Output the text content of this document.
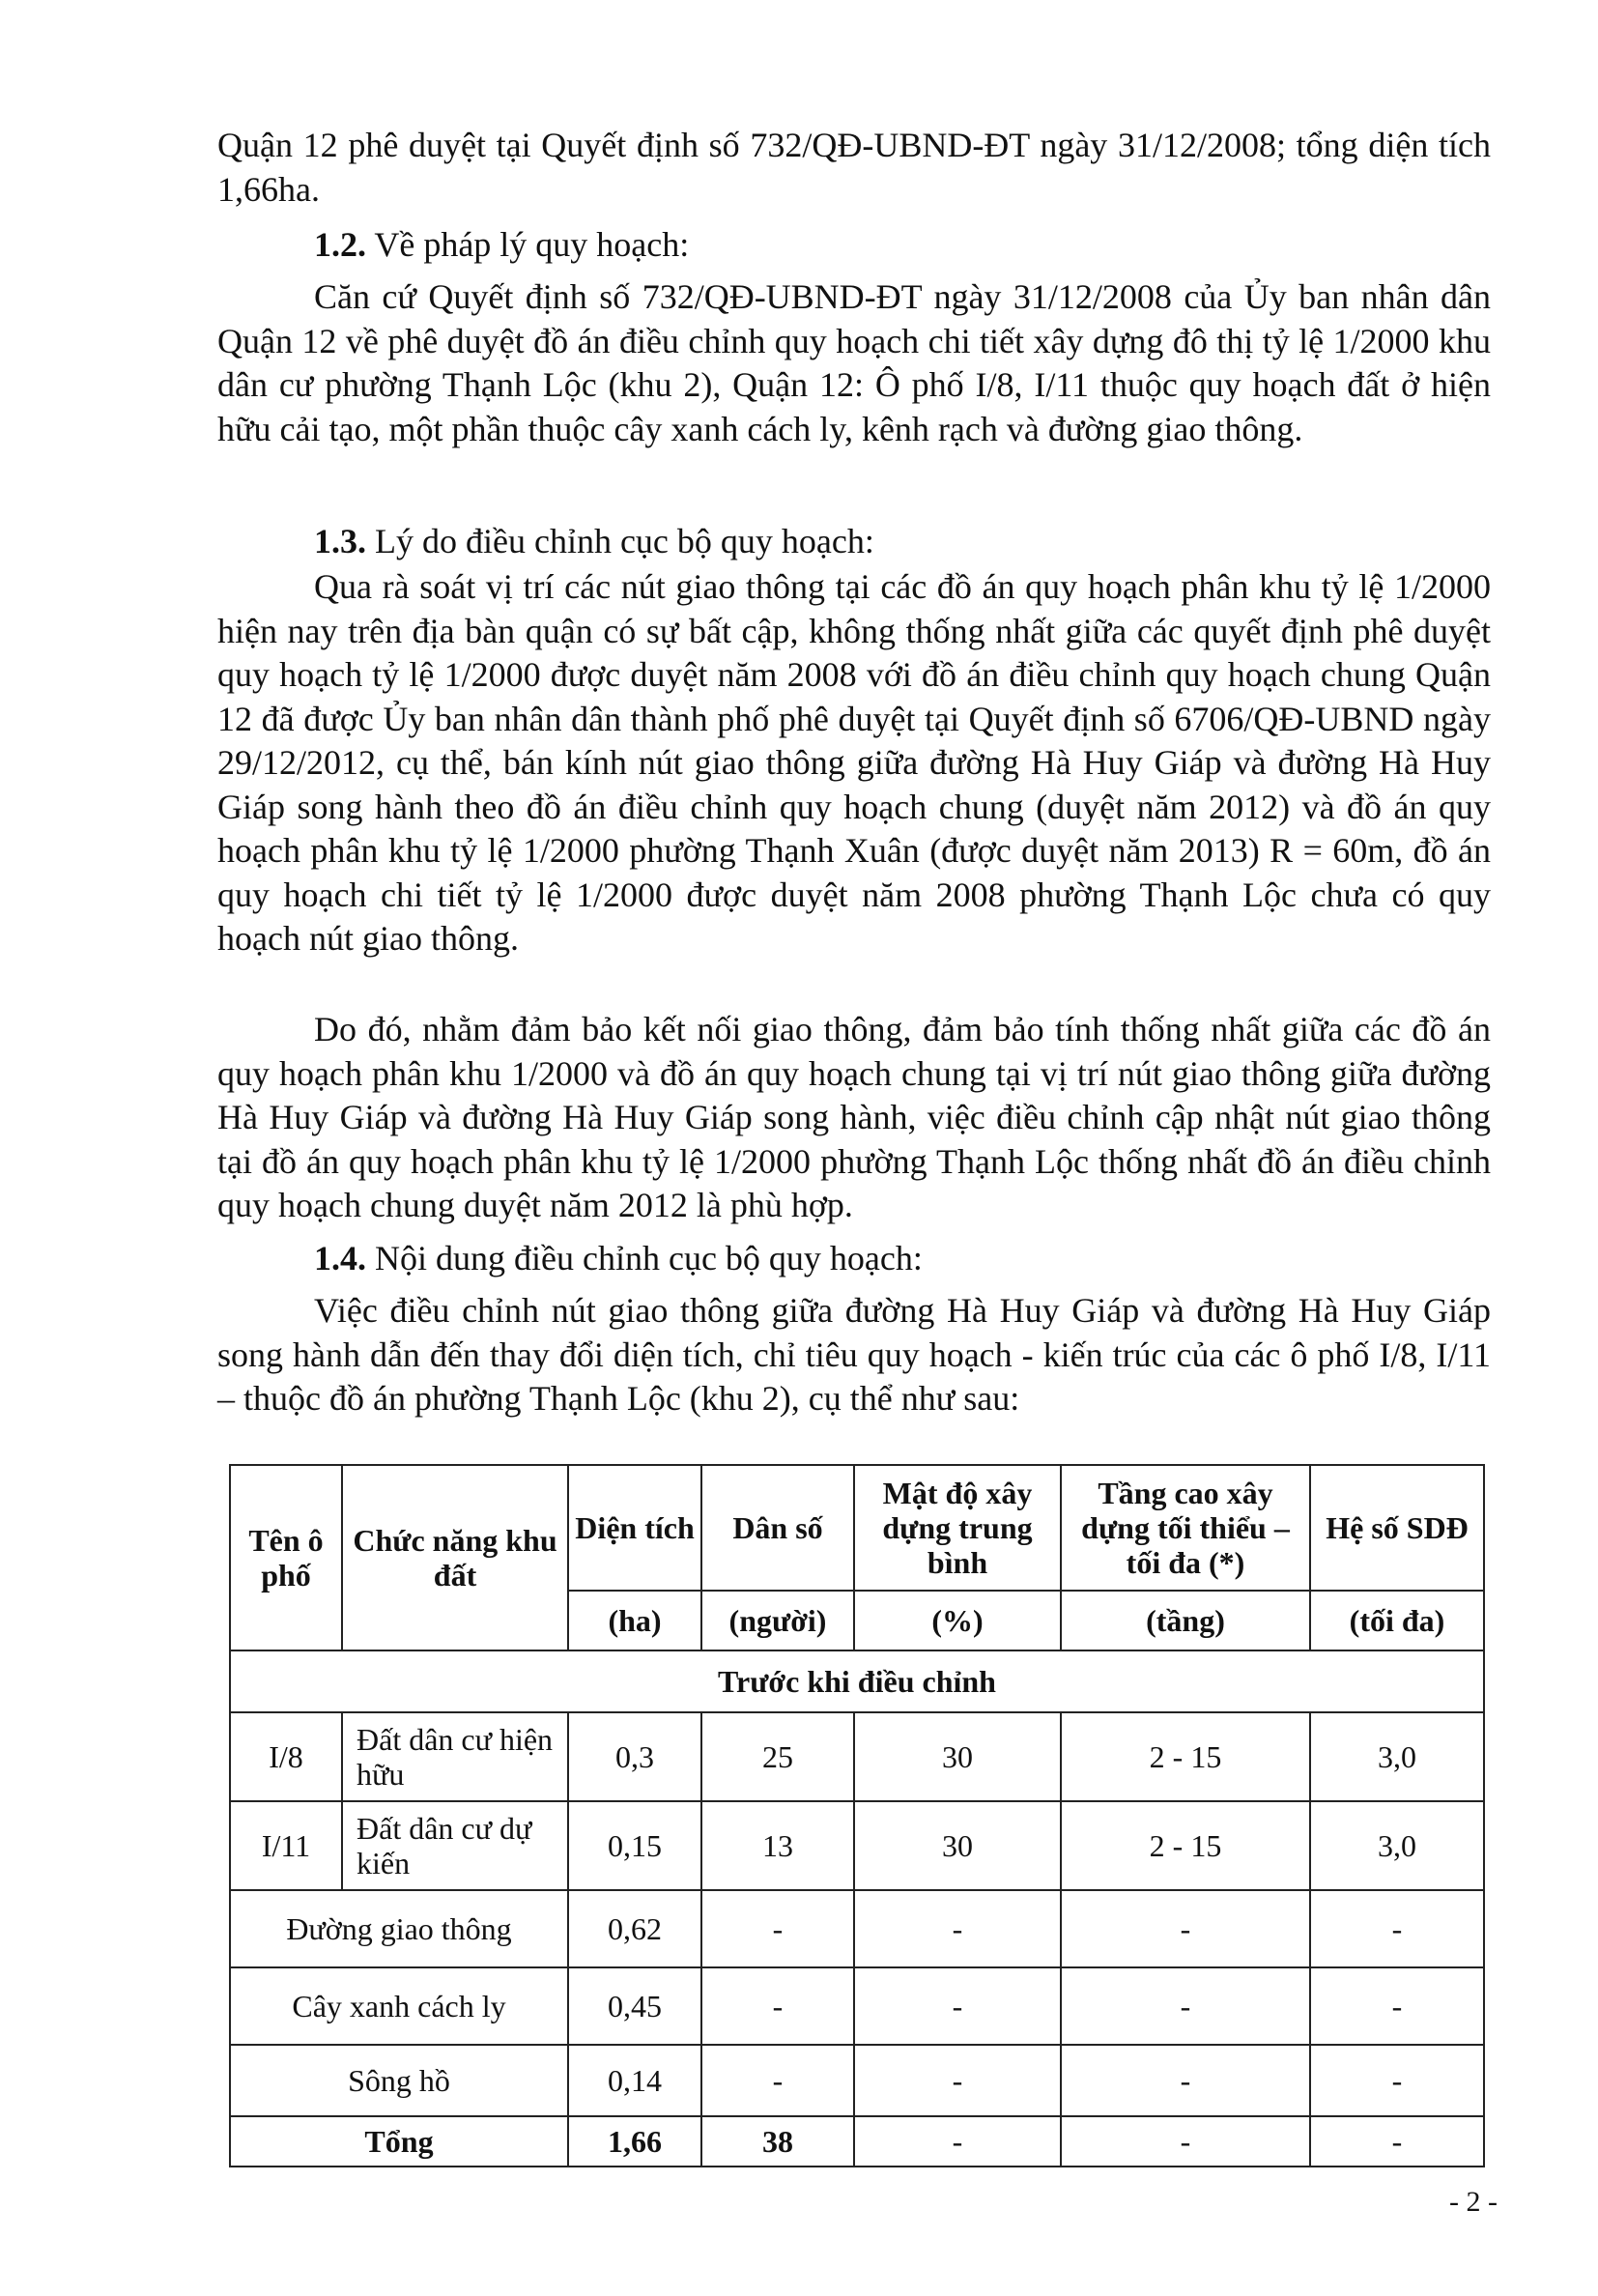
Quận 12 phê duyệt tại Quyết định số 732/QĐ-UBND-ĐT ngày 31/12/2008; tổng diện tích 1,66ha.

1.2. Về pháp lý quy hoạch:

Căn cứ Quyết định số 732/QĐ-UBND-ĐT ngày 31/12/2008 của Ủy ban nhân dân Quận 12 về phê duyệt đồ án điều chỉnh quy hoạch chi tiết xây dựng đô thị tỷ lệ 1/2000 khu dân cư phường Thạnh Lộc (khu 2), Quận 12: Ô phố I/8, I/11 thuộc quy hoạch đất ở hiện hữu cải tạo, một phần thuộc cây xanh cách ly, kênh rạch và đường giao thông.

1.3. Lý do điều chỉnh cục bộ quy hoạch:

Qua rà soát vị trí các nút giao thông tại các đồ án quy hoạch phân khu tỷ lệ 1/2000 hiện nay trên địa bàn quận có sự bất cập, không thống nhất giữa các quyết định phê duyệt quy hoạch tỷ lệ 1/2000 được duyệt năm 2008 với đồ án điều chỉnh quy hoạch chung Quận 12 đã được Ủy ban nhân dân thành phố phê duyệt tại Quyết định số 6706/QĐ-UBND ngày 29/12/2012, cụ thể, bán kính nút giao thông giữa đường Hà Huy Giáp và đường Hà Huy Giáp song hành theo đồ án điều chỉnh quy hoạch chung (duyệt năm 2012) và đồ án quy hoạch phân khu tỷ lệ 1/2000 phường Thạnh Xuân (được duyệt năm 2013) R = 60m, đồ án quy hoạch chi tiết tỷ lệ 1/2000 được duyệt năm 2008 phường Thạnh Lộc chưa có quy hoạch nút giao thông.

Do đó, nhằm đảm bảo kết nối giao thông, đảm bảo tính thống nhất giữa các đồ án quy hoạch phân khu 1/2000 và đồ án quy hoạch chung tại vị trí nút giao thông giữa đường Hà Huy Giáp và đường Hà Huy Giáp song hành, việc điều chỉnh cập nhật nút giao thông tại đồ án quy hoạch phân khu tỷ lệ 1/2000 phường Thạnh Lộc thống nhất đồ án điều chỉnh quy hoạch chung duyệt năm 2012 là phù hợp.

1.4. Nội dung điều chỉnh cục bộ quy hoạch:

Việc điều chỉnh nút giao thông giữa đường Hà Huy Giáp và đường Hà Huy Giáp song hành dẫn đến thay đổi diện tích, chỉ tiêu quy hoạch - kiến trúc của các ô phố I/8, I/11 – thuộc đồ án phường Thạnh Lộc (khu 2), cụ thể như sau:

Tên ô phố	Chức năng khu đất	Diện tích	Dân số	Mật độ xây dựng trung bình	Tầng cao xây dựng tối thiểu – tối đa (*)	Hệ số SDĐ
		(ha)	(người)	(%)	(tầng)	(tối đa)
Trước khi điều chỉnh						
I/8	Đất dân cư hiện hữu	0,3	25	30	2 - 15	3,0
I/11	Đất dân cư dự kiến	0,15	13	30	2 - 15	3,0
Đường giao thông		0,62	-	-	-	-
Cây xanh cách ly		0,45	-	-	-	-
Sông hồ		0,14	-	-	-	-
Tổng		1,66	38	-	-	-
- 2 -
